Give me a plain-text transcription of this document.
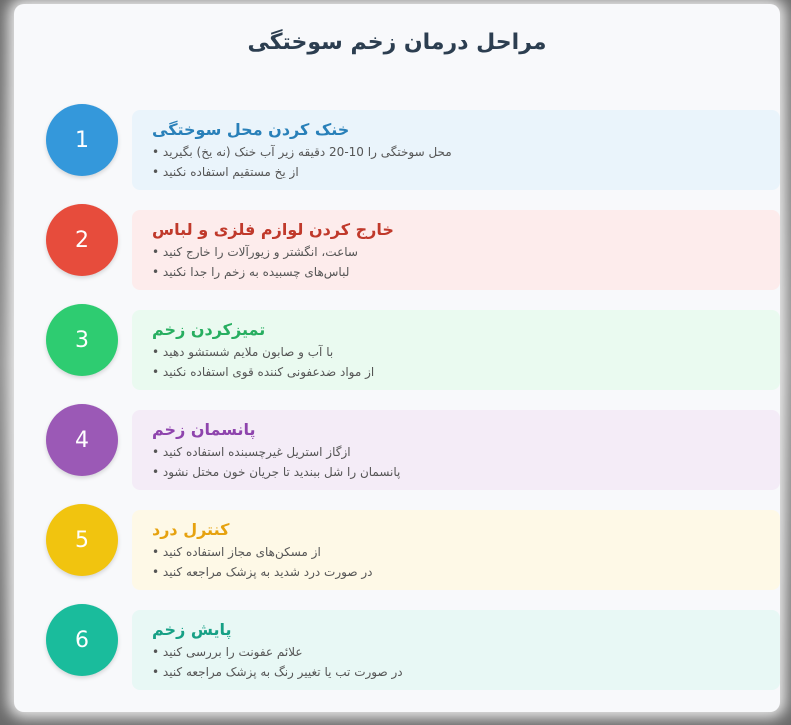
مراحل درمان زخم سوختگی
1	خنک کردن محل سوختگی
محل سوختگی را 10-20 دقیقه زیر آب خنک (نه یخ) بگیرید •
از یخ مستقیم استفاده نکنید •
2	خارج کردن لوازم فلزی و لباس
ساعت، انگشتر و زیورآلات را خارج کنید •
لباس‌های چسبیده به زخم را جدا نکنید •
3	تمیزکردن زخم
با آب و صابون ملایم شستشو دهید •
از مواد ضدعفونی کننده قوی استفاده نکنید •
4	پانسمان زخم
ازگاز استریل غیرچسبنده استفاده کنید •
پانسمان را شل ببندید تا جریان خون مختل نشود •
5	کنترل درد
از مسکن‌های مجاز استفاده کنید •
در صورت درد شدید به پزشک مراجعه کنید •
6	پایش زخم
علائم عفونت را بررسی کنید •
در صورت تب یا تغییر رنگ به پزشک مراجعه کنید •
